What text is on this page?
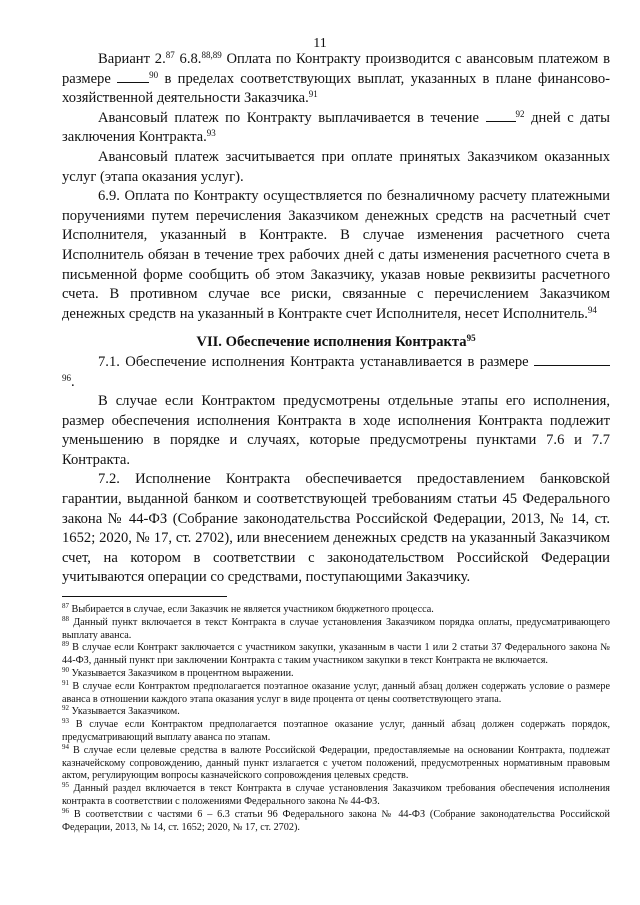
11

Вариант 2.87 6.8.$^{88,89}$ Оплата по Контракту производится с авансовым платежом в размере	$^{90}$ в пределах соответствующих выплат, указанных в плане финансово-хозяйственной деятельности Заказчика.$^{91}$

Авансовый платеж по Контракту выплачивается в течение	$^{92}$ дней с даты заключения Контракта.$^{93}$

Авансовый платеж засчитывается при оплате принятых Заказчиком оказанных услуг (этапа оказания услуг).

6.9. Оплата по Контракту осуществляется по безналичному расчету платежными поручениями путем перечисления Заказчиком денежных средств на расчетный счет Исполнителя, указанный в Контракте. В случае изменения расчетного счета Исполнитель обязан в течение трех рабочих дней с даты изменения расчетного счета в письменной форме сообщить об этом Заказчику, указав новые реквизиты расчетного счета. В противном случае все риски, связанные с перечислением Заказчиком денежных средств на указанный в Контракте счет Исполнителя, несет Исполнитель.$^{94}$

VII. Обеспечение исполнения Контракта$^{95}$

7.1. Обеспечение исполнения Контракта устанавливается в размере $^{96}$.

В случае если Контрактом предусмотрены отдельные этапы его исполнения, размер обеспечения исполнения Контракта в ходе исполнения Контракта подлежит уменьшению в порядке и случаях, которые предусмотрены пунктами 7.6 и 7.7 Контракта.

7.2. Исполнение Контракта обеспечивается предоставлением банковской гарантии, выданной банком и соответствующей требованиям статьи 45 Федерального закона № 44-ФЗ (Собрание законодательства Российской Федерации, 2013, № 14, ст. 1652; 2020, № 17, ст. 2702), или внесением денежных средств на указанный Заказчиком счет, на котором в соответствии с законодательством Российской Федерации учитываются операции со средствами, поступающими Заказчику.

$^{87}$ Выбирается в случае, если Заказчик не является участником бюджетного процесса.

$^{88}$ Данный пункт включается в текст Контракта в случае установления Заказчиком порядка оплаты, предусматривающего выплату аванса.

$^{89}$ В случае если Контракт заключается с участником закупки, указанным в части 1 или 2 статьи 37 Федерального закона № 44-ФЗ, данный пункт при заключении Контракта с таким участником закупки в текст Контракта не включается.

$^{90}$ Указывается Заказчиком в процентном выражении.

$^{91}$ В случае если Контрактом предполагается поэтапное оказание услуг, данный абзац должен содержать условие о размере аванса в отношении каждого этапа оказания услуг в виде процента от цены соответствующего этапа.

$^{92}$ Указывается Заказчиком.

$^{93}$ В случае если Контрактом предполагается поэтапное оказание услуг, данный абзац должен содержать порядок, предусматривающий выплату аванса по этапам.

$^{94}$ В случае если целевые средства в валюте Российской Федерации, предоставляемые на основании Контракта, подлежат казначейскому сопровождению, данный пункт излагается с учетом положений, предусмотренных нормативным правовым актом, регулирующим вопросы казначейского сопровождения целевых средств.

$^{95}$ Данный раздел включается в текст Контракта в случае установления Заказчиком требования обеспечения исполнения контракта в соответствии с положениями Федерального закона № 44-ФЗ.

$^{96}$ В соответствии с частями 6 – 6.3 статьи 96 Федерального закона № 44-ФЗ (Собрание законодательства Российской Федерации, 2013, № 14, ст. 1652; 2020, № 17, ст. 2702).
